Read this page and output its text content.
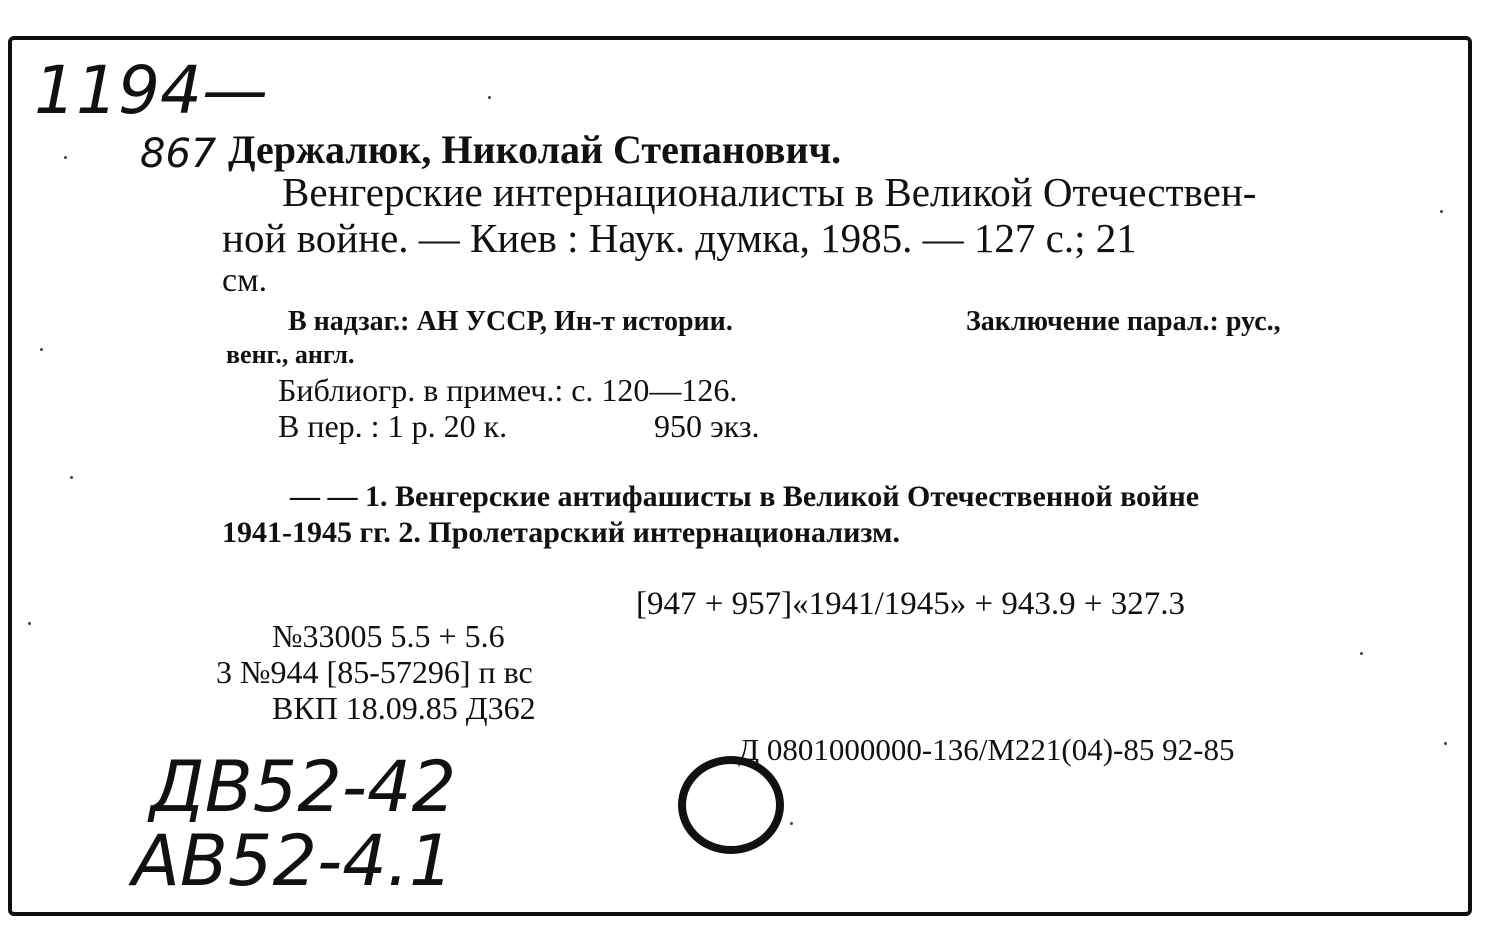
1194—
867
ДВ52-42
АВ52-4.1
Держалюк, Николай Степанович.
Венгерские интернационалисты в Великой Отечествен-
ной войне. — Киев : Наук. думка, 1985. — 127 с.; 21
см.
В надзаг.: АН УССР, Ин-т истории.	Заключение парал.: рус.,
венг., англ.
Библиогр. в примеч.: с. 120—126.
В пер. : 1 р. 20 к.	950 экз.
— — 1. Венгерские антифашисты в Великой Отечественной войне
1941-1945 гг. 2. Пролетарский интернационализм.
[947 + 957]«1941/1945» + 943.9 + 327.3
№33005 5.5 + 5.6
3 №944 [85-57296] п вс
ВКП 18.09.85 Д362
Д 0801000000-136/М221(04)-85 92-85
